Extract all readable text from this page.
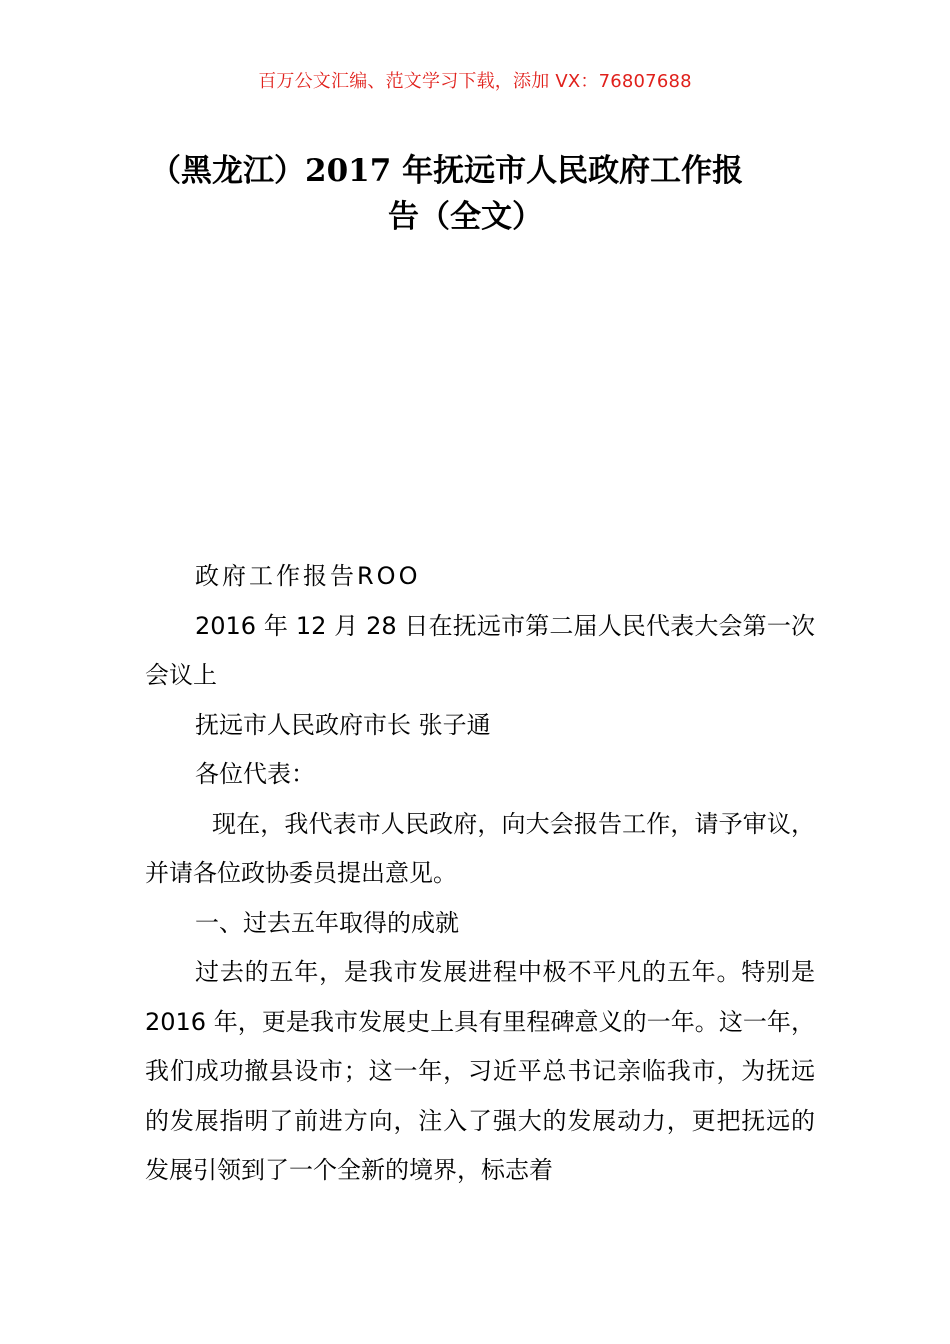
百万公文汇编、范文学习下载，添加 VX：76807688
（黑龙江）2017 年抚远市人民政府工作报
告（全文）

政府工作报告ROO

2016 年 12 月 28 日在抚远市第二届人民代表大会第一次会议上

抚远市人民政府市长 张子通

各位代表：

现在，我代表市人民政府，向大会报告工作，请予审议，并请各位政协委员提出意见。

一、过去五年取得的成就

过去的五年，是我市发展进程中极不平凡的五年。特别是 2016 年，更是我市发展史上具有里程碑意义的一年。这一年，我们成功撤县设市；这一年，习近平总书记亲临我市，为抚远的发展指明了前进方向，注入了强大的发展动力，更把抚远的发展引领到了一个全新的境界，标志着
